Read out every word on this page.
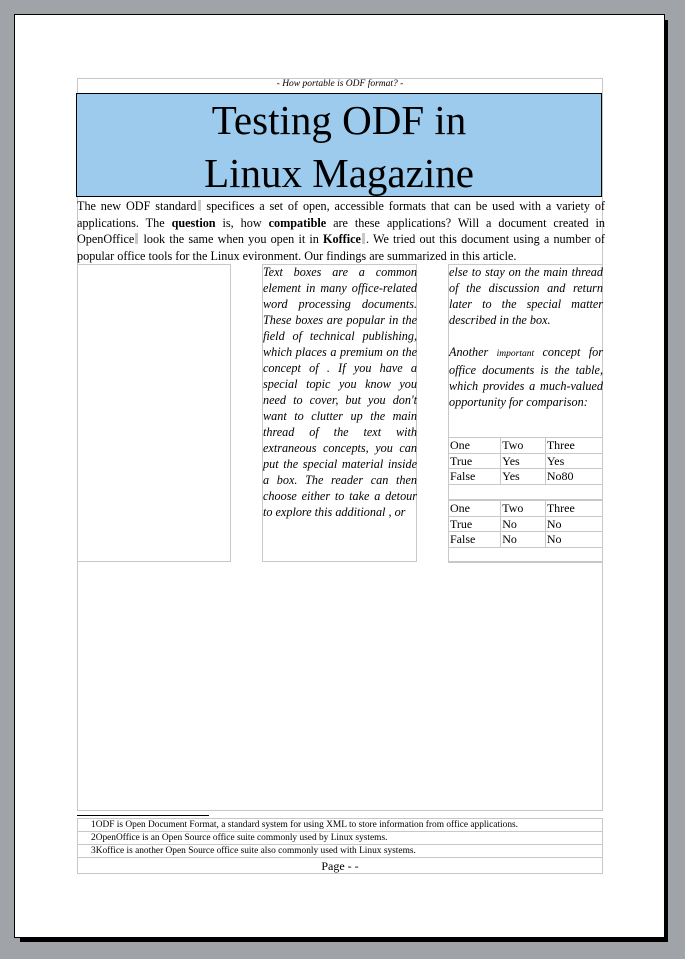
- How portable is ODF format? -
Testing ODF in
Linux Magazine
The new ODF standard specifices a set of open, accessible formats that can be used with a variety of applications. The question is, how compatible are these applications? Will a document created in OpenOffice look the same when you open it in Koffice . We tried out this document using a number of popular office tools for the Linux evironment. Our findings are summarized in this article.

Text boxes are a common element in many office-related word processing documents. These boxes are popular in the field of technical publishing, which places a premium on the concept of . If you have a special topic you know you need to cover, but you don't want to clutter up the main thread of the text with extraneous concepts, you can put the special material inside a box. The reader can then choose either to take a detour to explore this additional , or

else to stay on the main thread of the discussion and return later to the special matter described in the box.

Another important concept for office documents is the table, which provides a much-valued opportunity for comparison:

One	Two	Three
True	Yes	Yes
False	Yes	No80

One	Two	Three
True	No	No
False	No	No

1ODF is Open Document Format, a standard system for using XML to store information from office applications.
2OpenOffice is an Open Source office suite commonly used by Linux systems.
3Koffice is another Open Source office suite also commonly used with Linux systems.
Page - -
